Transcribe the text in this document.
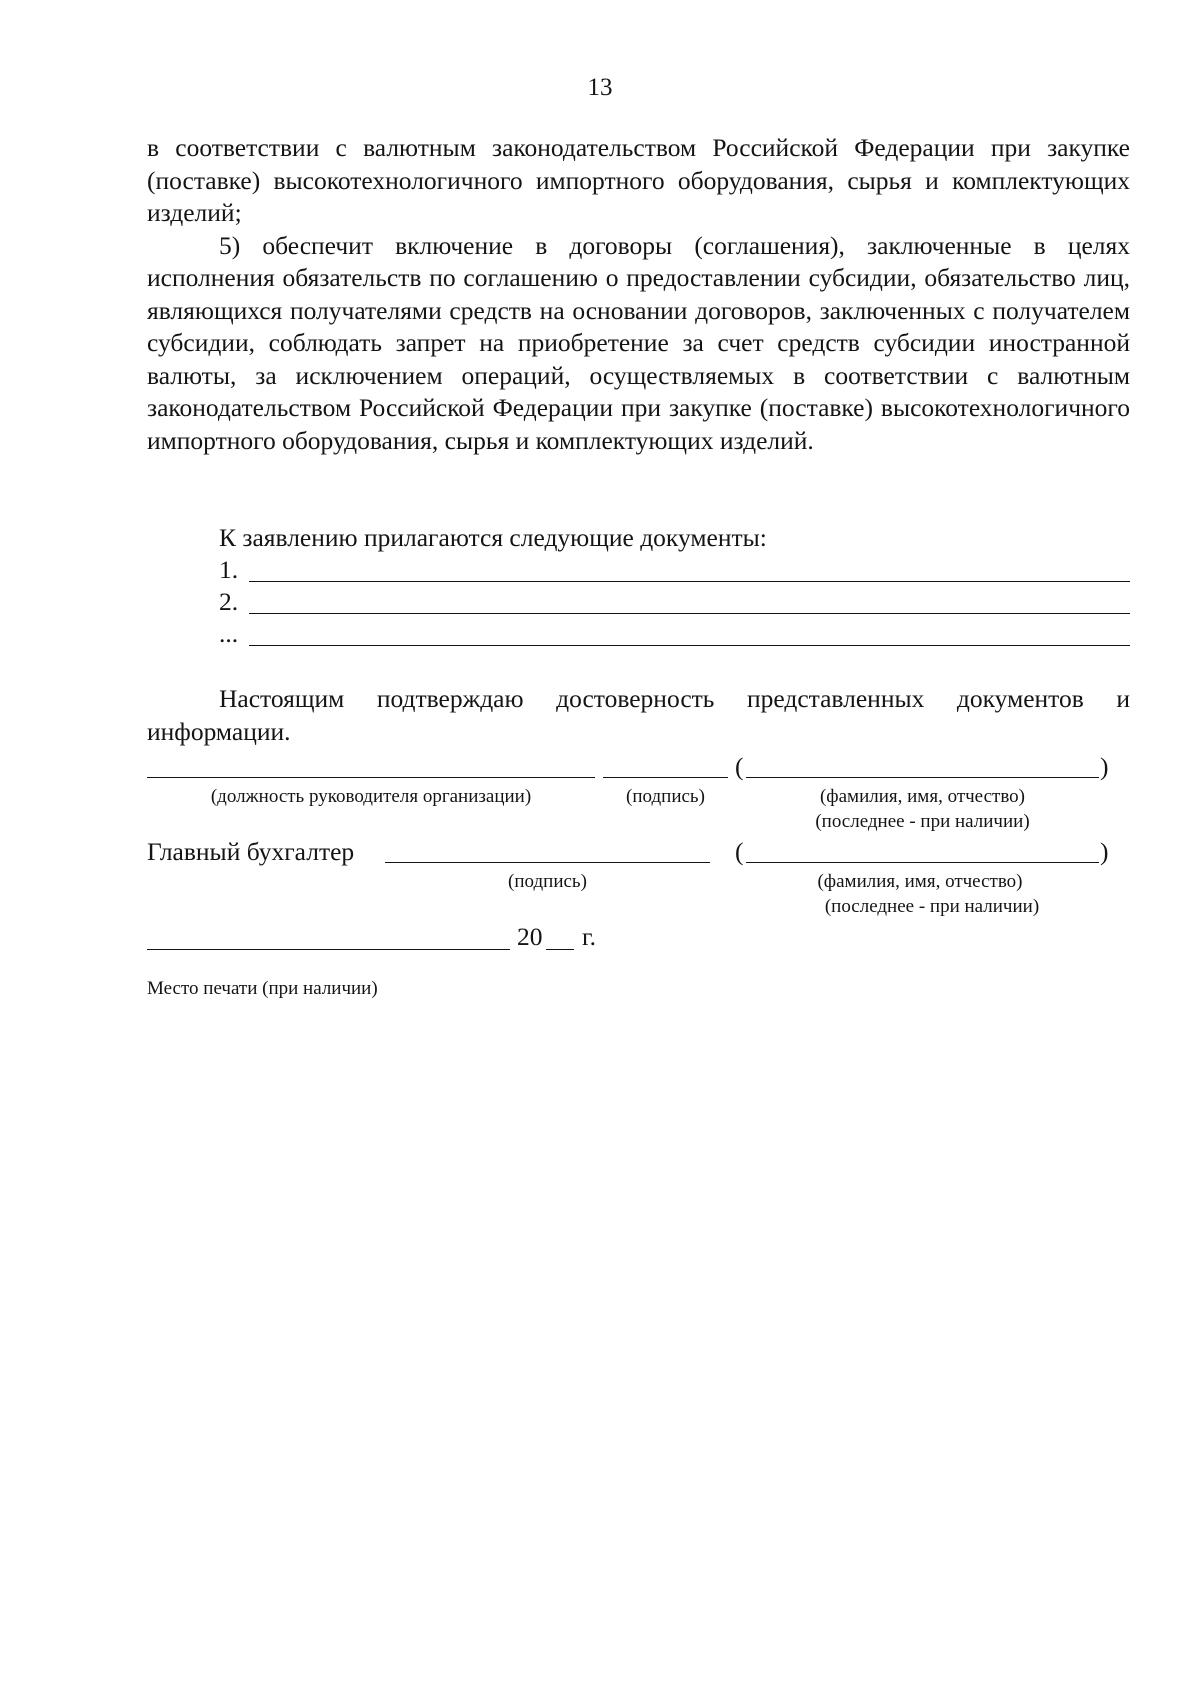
13

в соответствии с валютным законодательством Российской Федерации при закупке (поставке) высокотехнологичного импортного оборудования, сырья и комплектующих изделий;

5) обеспечит включение в договоры (соглашения), заключенные в целях исполнения обязательств по соглашению о предоставлении субсидии, обязательство лиц, являющихся получателями средств на основании договоров, заключенных с получателем субсидии, соблюдать запрет на приобретение за счет средств субсидии иностранной валюты, за исключением операций, осуществляемых в соответствии с валютным законодательством Российской Федерации при закупке (поставке) высокотехнологичного импортного оборудования, сырья и комплектующих изделий.

К заявлению прилагаются следующие документы:
1.
2.
...
Настоящим подтверждаю достоверность представленных документов и информации.
(	)
(должность руководителя организации)	(подпись)	(фамилия, имя, отчество)
(последнее - при наличии)
Главный бухгалтер	(	)
(подпись)	(фамилия, имя, отчество)
(последнее - при наличии)
20 г.
Место печати (при наличии)
